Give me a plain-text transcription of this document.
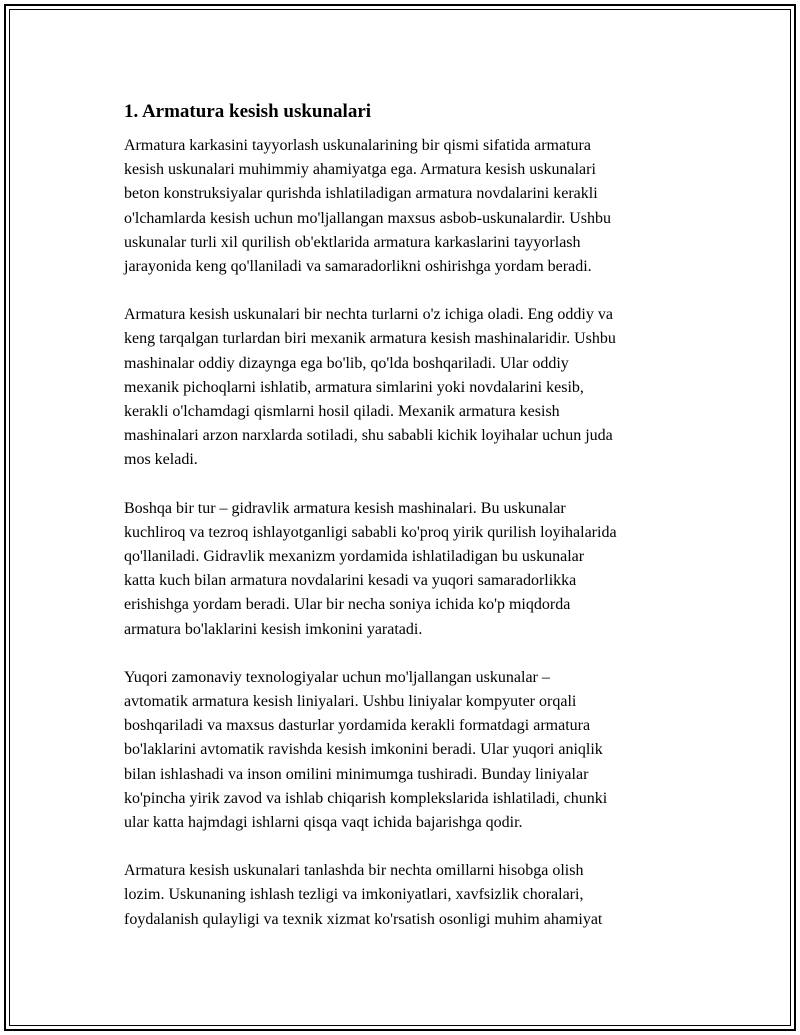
1. Armatura kesish uskunalari
Armatura karkasini tayyorlash uskunalarining bir qismi sifatida armatura
kesish uskunalari muhimmiy ahamiyatga ega. Armatura kesish uskunalari
beton konstruksiyalar qurishda ishlatiladigan armatura novdalarini kerakli
o'lchamlarda kesish uchun mo'ljallangan maxsus asbob-uskunalardir. Ushbu
uskunalar turli xil qurilish ob'ektlarida armatura karkaslarini tayyorlash
jarayonida keng qo'llaniladi va samaradorlikni oshirishga yordam beradi.
Armatura kesish uskunalari bir nechta turlarni o'z ichiga oladi. Eng oddiy va
keng tarqalgan turlardan biri mexanik armatura kesish mashinalaridir. Ushbu
mashinalar oddiy dizaynga ega bo'lib, qo'lda boshqariladi. Ular oddiy
mexanik pichoqlarni ishlatib, armatura simlarini yoki novdalarini kesib,
kerakli o'lchamdagi qismlarni hosil qiladi. Mexanik armatura kesish
mashinalari arzon narxlarda sotiladi, shu sababli kichik loyihalar uchun juda
mos keladi.
Boshqa bir tur – gidravlik armatura kesish mashinalari. Bu uskunalar
kuchliroq va tezroq ishlayotganligi sababli ko'proq yirik qurilish loyihalarida
qo'llaniladi. Gidravlik mexanizm yordamida ishlatiladigan bu uskunalar
katta kuch bilan armatura novdalarini kesadi va yuqori samaradorlikka
erishishga yordam beradi. Ular bir necha soniya ichida ko'p miqdorda
armatura bo'laklarini kesish imkonini yaratadi.
Yuqori zamonaviy texnologiyalar uchun mo'ljallangan uskunalar –
avtomatik armatura kesish liniyalari. Ushbu liniyalar kompyuter orqali
boshqariladi va maxsus dasturlar yordamida kerakli formatdagi armatura
bo'laklarini avtomatik ravishda kesish imkonini beradi. Ular yuqori aniqlik
bilan ishlashadi va inson omilini minimumga tushiradi. Bunday liniyalar
ko'pincha yirik zavod va ishlab chiqarish komplekslarida ishlatiladi, chunki
ular katta hajmdagi ishlarni qisqa vaqt ichida bajarishga qodir.
Armatura kesish uskunalari tanlashda bir nechta omillarni hisobga olish
lozim. Uskunaning ishlash tezligi va imkoniyatlari, xavfsizlik choralari,
foydalanish qulayligi va texnik xizmat ko'rsatish osonligi muhim ahamiyat
